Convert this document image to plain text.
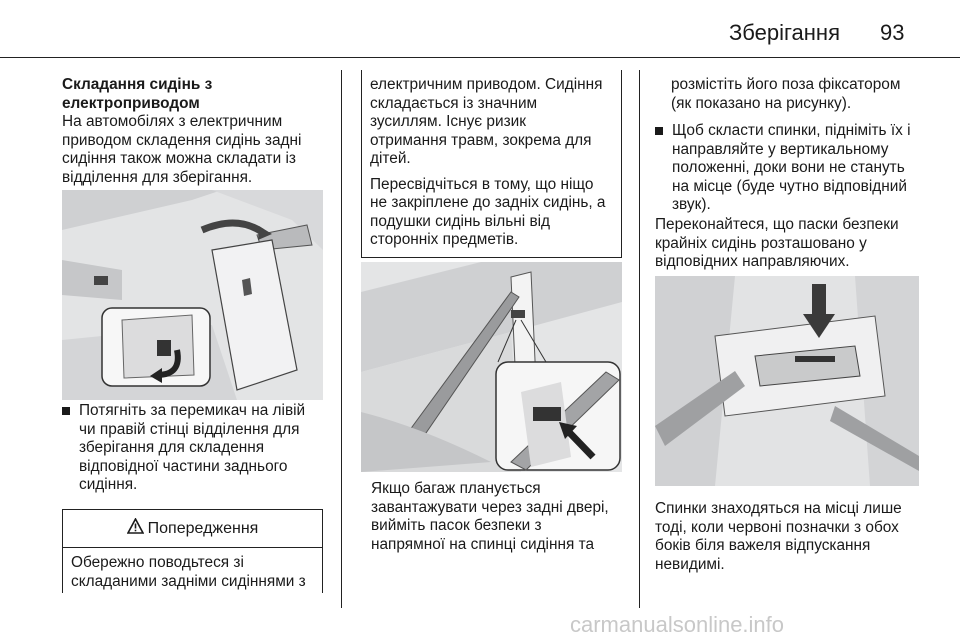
Зберігання 93
Складання сидінь з
електроприводом
На автомобілях з електричним
приводом складення сидінь задні
сидіння також можна складати із
відділення для зберігання.
Потягніть за перемикач на лівій
чи правій стінці відділення для
зберігання для складення
відповідної частини заднього
сидіння.
Попередження
Обережно поводьтеся зі
складаними задніми сидіннями з

електричним приводом. Сидіння
складається із значним
зусиллям. Існує ризик
отримання травм, зокрема для
дітей.

Пересвідчіться в тому, що ніщо
не закріплене до задніх сидінь, а
подушки сидінь вільні від
сторонніх предметів.

Якщо багаж планується
завантажувати через задні двері,
вийміть пасок безпеки з
напрямної на спинці сидіння та
розмістіть його поза фіксатором
(як показано на рисунку).
Щоб скласти спинки, підніміть їх і
направляйте у вертикальному
положенні, доки вони не стануть
на місце (буде чутно відповідний
звук).
Переконайтеся, що паски безпеки
крайніх сидінь розташовано у
відповідних направляючих.
Спинки знаходяться на місці лише
тоді, коли червоні позначки з обох
боків біля важеля відпускання
невидимі.
carmanualsonline.info
